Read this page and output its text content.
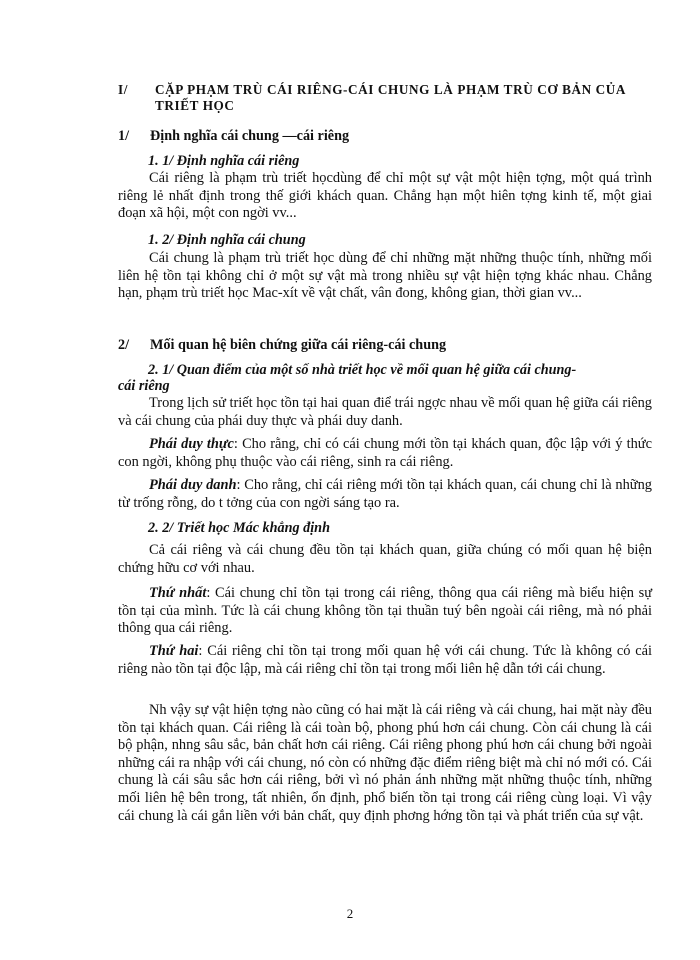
I/ CẶP PHẠM TRÙ CÁI RIÊNG-CÁI CHUNG LÀ PHẠM TRÙ CƠ BẢN CỦA TRIẾT HỌC
1/ Định nghĩa cái chung —cái riêng
1. 1/ Định nghĩa cái riêng

Cái riêng là phạm trù triết họcdùng để chỉ một sự vật một hiện tợng, một quá trình riêng lẻ nhất định trong thế giới khách quan. Chẳng hạn một hiên tợng kinh tế, một giai đoạn xã hội, một con ngời vv...

1. 2/ Định nghĩa cái chung

Cái chung là phạm trù triết học dùng để chỉ những mặt những thuộc tính, những mối liên hệ tồn tại không chỉ ở một sự vật mà trong nhiều sự vật hiện tợng khác nhau. Chẳng hạn, phạm trù triết học Mac-xít về vật chất, vân đong, không gian, thời gian vv...

2/ Mối quan hệ biên chứng giữa cái riêng-cái chung
2. 1/ Quan điểm của một số nhà triết học về mối quan hệ giữa cái chung-
cái riêng

Trong lịch sử triết học tồn tại hai quan điể trái ngợc nhau về mối quan hệ giữa cái riêng và cái chung của phái duy thực và phái duy danh.

Phái duy thực: Cho rằng, chỉ có cái chung mới tồn tại khách quan, độc lập với ý thức con ngời, không phụ thuộc vào cái riêng, sinh ra cái riêng.

Phái duy danh: Cho rằng, chỉ cái riêng mới tồn tại khách quan, cái chung chỉ là những từ trống rỗng, do t tởng của con ngời sáng tạo ra.

2. 2/ Triết học Mác khẳng định

Cả cái riêng và cái chung đều tồn tại khách quan, giữa chúng có mối quan hệ biện chứng hữu cơ với nhau.

Thứ nhất: Cái chung chỉ tồn tại trong cái riêng, thông qua cái riêng mà biểu hiện sự tồn tại của mình. Tức là cái chung không tồn tại thuần tuý bên ngoài cái riêng, mà nó phải thông qua cái riêng.

Thứ hai: Cái riêng chỉ tồn tại trong mối quan hệ với cái chung. Tức là không có cái riêng nào tồn tại độc lập, mà cái riêng chỉ tồn tại trong mối liên hệ dẫn tới cái chung.

Nh vậy sự vật hiện tợng nào cũng có hai mặt là cái riêng và cái chung, hai mặt này đều tồn tại khách quan. Cái riêng là cái toàn bộ, phong phú hơn cái chung. Còn cái chung là cái bộ phận, nhng sâu sắc, bản chất hơn cái riêng. Cái riêng phong phú hơn cái chung bởi ngoài những cái ra nhập với cái chung, nó còn có những đặc điểm riêng biệt mà chỉ nó mới có. Cái chung là cái sâu sắc hơn cái riêng, bởi vì nó phản ánh những mặt những thuộc tính, những mối liên hệ bên trong, tất nhiên, ổn định, phổ biến tồn tại trong cái riêng cùng loại. Vì vậy cái chung là cái gắn liền với bản chất, quy định phơng hớng tồn tại và phát triển của sự vật.

2
